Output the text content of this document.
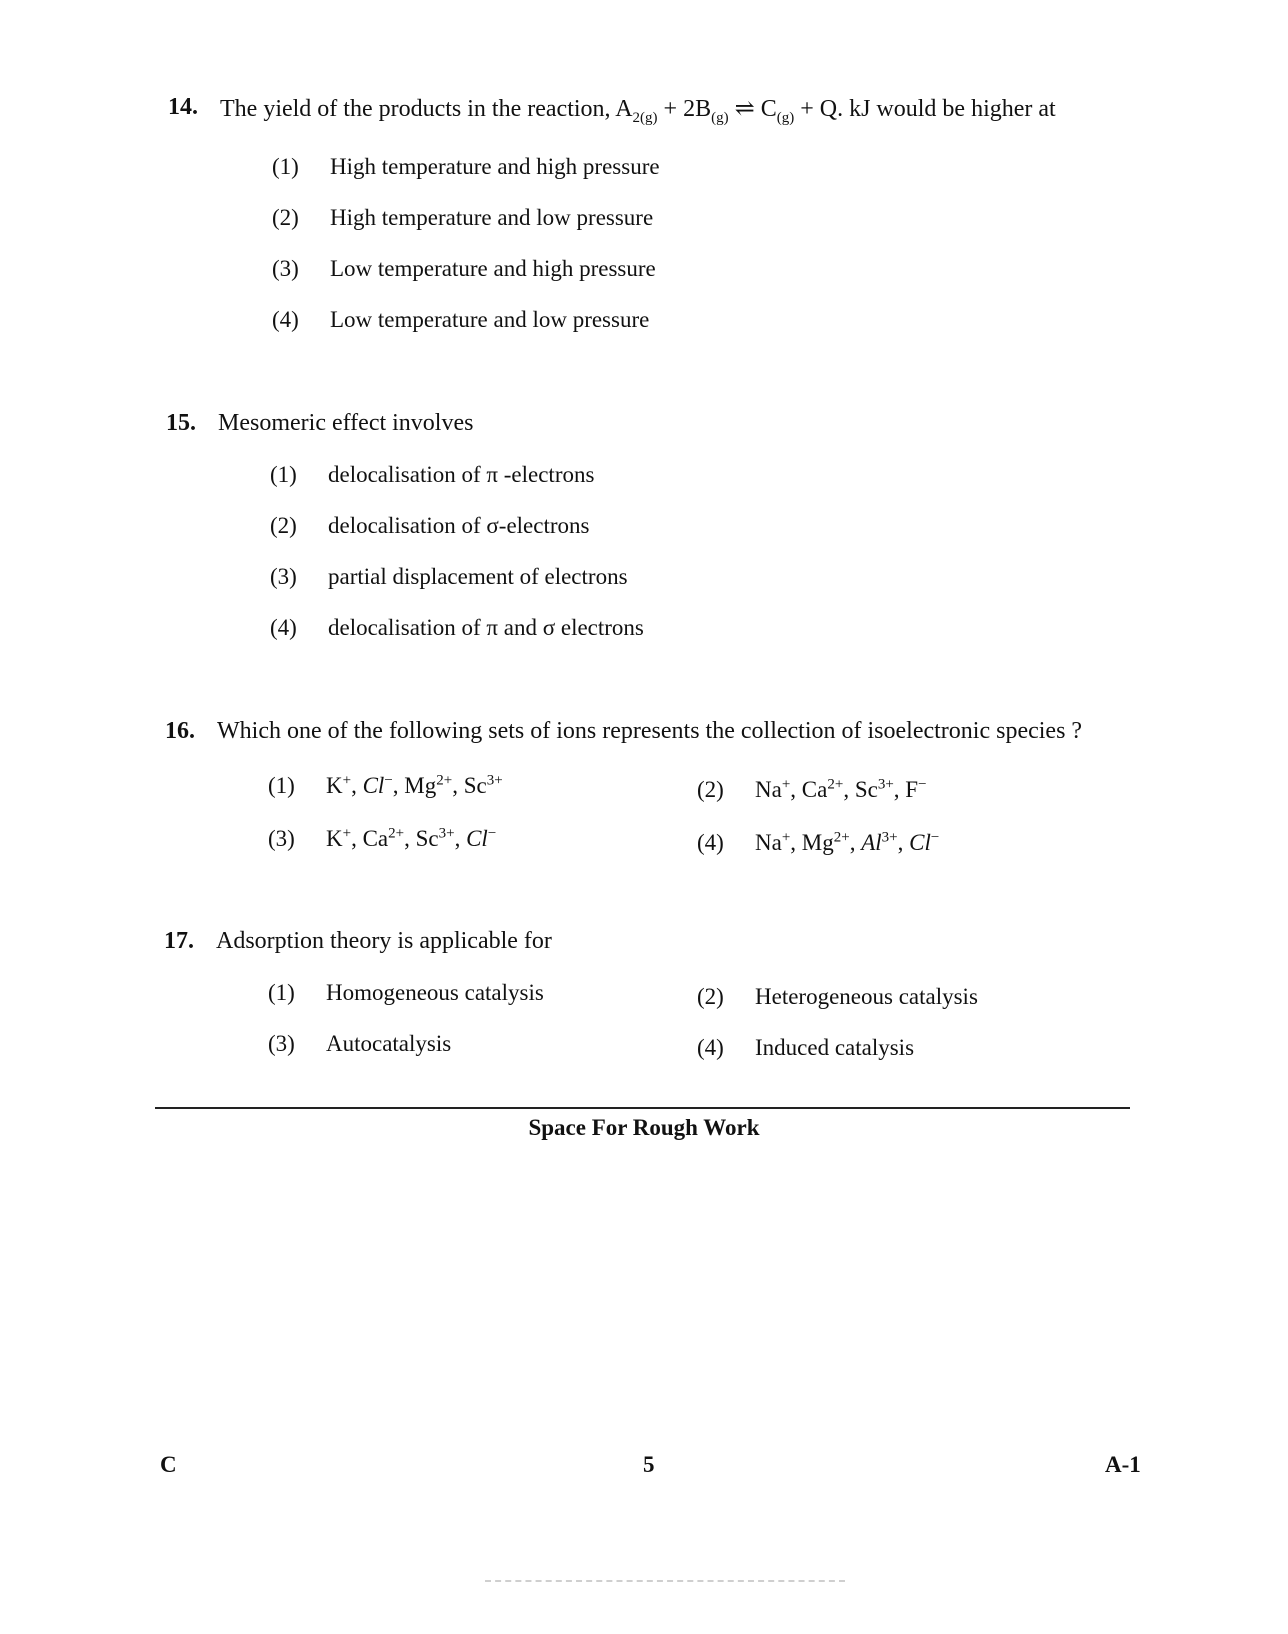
14. The yield of the products in the reaction, $A_{2(g)} + 2B_{(g)}$ ⇌ $C_{(g)} + Q$. kJ would be higher at
(1) High temperature and high pressure
(2) High temperature and low pressure
(3) Low temperature and high pressure
(4) Low temperature and low pressure
15. Mesomeric effect involves
(1) delocalisation of π -electrons
(2) delocalisation of σ-electrons
(3) partial displacement of electrons
(4) delocalisation of π and σ electrons
16. Which one of the following sets of ions represents the collection of isoelectronic species ?
(1) K+, Cl−, $Mg^{2+}$, $Sc^{3+}$	(2) Na+, $Ca^{2+}$, $Sc^{3+}$, F−
(3) K+, $Ca^{2+}$, $Sc^{3+}$, Cl−	(4) Na+, $Mg^{2+}$, $Al^{3+}$, Cl−
17. Adsorption theory is applicable for
(1) Homogeneous catalysis	(2) Heterogeneous catalysis
(3) Autocatalysis	(4) Induced catalysis
Space For Rough Work
C	5	A-1
